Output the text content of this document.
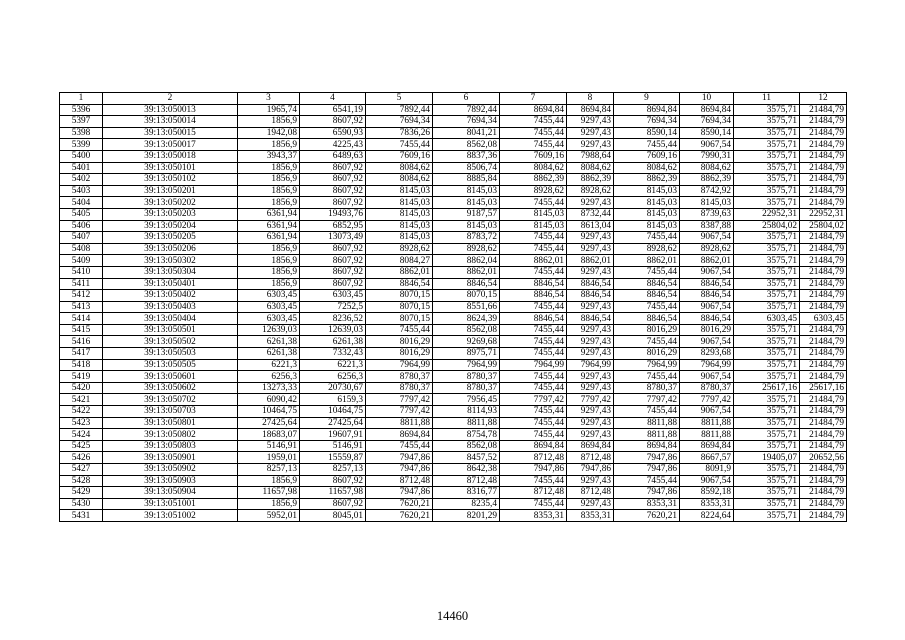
1	2	3	4	5	6	7	8	9	10	11	12
5396	39:13:050013	1965,74	6541,19	7892,44	7892,44	8694,84	8694,84	8694,84	8694,84	3575,71	21484,79
5397	39:13:050014	1856,9	8607,92	7694,34	7694,34	7455,44	9297,43	7694,34	7694,34	3575,71	21484,79
5398	39:13:050015	1942,08	6590,93	7836,26	8041,21	7455,44	9297,43	8590,14	8590,14	3575,71	21484,79
5399	39:13:050017	1856,9	4225,43	7455,44	8562,08	7455,44	9297,43	7455,44	9067,54	3575,71	21484,79
5400	39:13:050018	3943,37	6489,63	7609,16	8837,36	7609,16	7988,64	7609,16	7990,31	3575,71	21484,79
5401	39:13:050101	1856,9	8607,92	8084,62	8506,74	8084,62	8084,62	8084,62	8084,62	3575,71	21484,79
5402	39:13:050102	1856,9	8607,92	8084,62	8885,84	8862,39	8862,39	8862,39	8862,39	3575,71	21484,79
5403	39:13:050201	1856,9	8607,92	8145,03	8145,03	8928,62	8928,62	8145,03	8742,92	3575,71	21484,79
5404	39:13:050202	1856,9	8607,92	8145,03	8145,03	7455,44	9297,43	8145,03	8145,03	3575,71	21484,79
5405	39:13:050203	6361,94	19493,76	8145,03	9187,57	8145,03	8732,44	8145,03	8739,63	22952,31	22952,31
5406	39:13:050204	6361,94	6852,95	8145,03	8145,03	8145,03	8613,04	8145,03	8387,88	25804,02	25804,02
5407	39:13:050205	6361,94	13073,49	8145,03	8783,72	7455,44	9297,43	7455,44	9067,54	3575,71	21484,79
5408	39:13:050206	1856,9	8607,92	8928,62	8928,62	7455,44	9297,43	8928,62	8928,62	3575,71	21484,79
5409	39:13:050302	1856,9	8607,92	8084,27	8862,04	8862,01	8862,01	8862,01	8862,01	3575,71	21484,79
5410	39:13:050304	1856,9	8607,92	8862,01	8862,01	7455,44	9297,43	7455,44	9067,54	3575,71	21484,79
5411	39:13:050401	1856,9	8607,92	8846,54	8846,54	8846,54	8846,54	8846,54	8846,54	3575,71	21484,79
5412	39:13:050402	6303,45	6303,45	8070,15	8070,15	8846,54	8846,54	8846,54	8846,54	3575,71	21484,79
5413	39:13:050403	6303,45	7252,5	8070,15	8551,66	7455,44	9297,43	7455,44	9067,54	3575,71	21484,79
5414	39:13:050404	6303,45	8236,52	8070,15	8624,39	8846,54	8846,54	8846,54	8846,54	6303,45	6303,45
5415	39:13:050501	12639,03	12639,03	7455,44	8562,08	7455,44	9297,43	8016,29	8016,29	3575,71	21484,79
5416	39:13:050502	6261,38	6261,38	8016,29	9269,68	7455,44	9297,43	7455,44	9067,54	3575,71	21484,79
5417	39:13:050503	6261,38	7332,43	8016,29	8975,71	7455,44	9297,43	8016,29	8293,68	3575,71	21484,79
5418	39:13:050505	6221,3	6221,3	7964,99	7964,99	7964,99	7964,99	7964,99	7964,99	3575,71	21484,79
5419	39:13:050601	6256,3	6256,3	8780,37	8780,37	7455,44	9297,43	7455,44	9067,54	3575,71	21484,79
5420	39:13:050602	13273,33	20730,67	8780,37	8780,37	7455,44	9297,43	8780,37	8780,37	25617,16	25617,16
5421	39:13:050702	6090,42	6159,3	7797,42	7956,45	7797,42	7797,42	7797,42	7797,42	3575,71	21484,79
5422	39:13:050703	10464,75	10464,75	7797,42	8114,93	7455,44	9297,43	7455,44	9067,54	3575,71	21484,79
5423	39:13:050801	27425,64	27425,64	8811,88	8811,88	7455,44	9297,43	8811,88	8811,88	3575,71	21484,79
5424	39:13:050802	18683,07	19607,91	8694,84	8754,78	7455,44	9297,43	8811,88	8811,88	3575,71	21484,79
5425	39:13:050803	5146,91	5146,91	7455,44	8562,08	8694,84	8694,84	8694,84	8694,84	3575,71	21484,79
5426	39:13:050901	1959,01	15559,87	7947,86	8457,52	8712,48	8712,48	7947,86	8667,57	19405,07	20652,56
5427	39:13:050902	8257,13	8257,13	7947,86	8642,38	7947,86	7947,86	7947,86	8091,9	3575,71	21484,79
5428	39:13:050903	1856,9	8607,92	8712,48	8712,48	7455,44	9297,43	7455,44	9067,54	3575,71	21484,79
5429	39:13:050904	11657,98	11657,98	7947,86	8316,77	8712,48	8712,48	7947,86	8592,18	3575,71	21484,79
5430	39:13:051001	1856,9	8607,92	7620,21	8235,4	7455,44	9297,43	8353,31	8353,31	3575,71	21484,79
5431	39:13:051002	5952,01	8045,01	7620,21	8201,29	8353,31	8353,31	7620,21	8224,64	3575,71	21484,79
14460
